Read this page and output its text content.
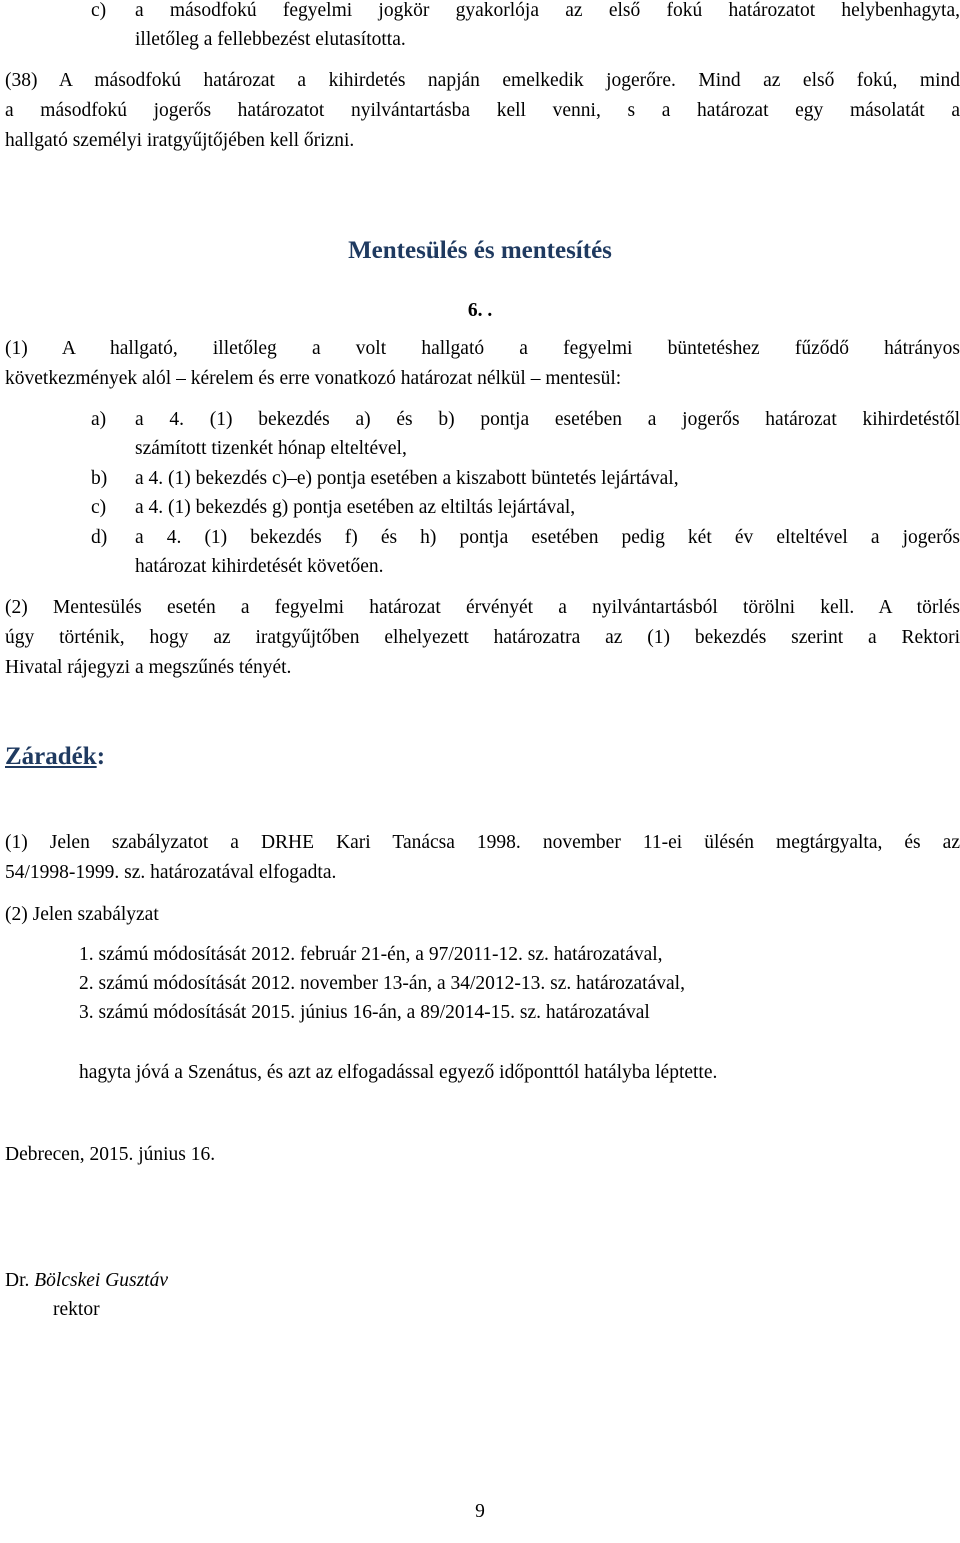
c) a másodfokú fegyelmi jogkör gyakorlója az első fokú határozatot helybenhagyta,
illetőleg a fellebbezést elutasította.
(38) A másodfokú határozat a kihirdetés napján emelkedik jogerőre. Mind az első fokú, mind
a másodfokú jogerős határozatot nyilvántartásba kell venni, s a határozat egy másolatát a
hallgató személyi iratgyűjtőjében kell őrizni.
Mentesülés és mentesítés
6. .
(1) A hallgató, illetőleg a volt hallgató a fegyelmi büntetéshez fűződő hátrányos
következmények alól – kérelem és erre vonatkozó határozat nélkül – mentesül:
a) a 4. (1) bekezdés a) és b) pontja esetében a jogerős határozat kihirdetéstől
számított tizenkét hónap elteltével,
b) a 4. (1) bekezdés c)–e) pontja esetében a kiszabott büntetés lejártával,
c) a 4. (1) bekezdés g) pontja esetében az eltiltás lejártával,
d) a 4. (1) bekezdés f) és h) pontja esetében pedig két év elteltével a jogerős
határozat kihirdetését követően.
(2) Mentesülés esetén a fegyelmi határozat érvényét a nyilvántartásból törölni kell. A törlés
úgy történik, hogy az iratgyűjtőben elhelyezett határozatra az (1) bekezdés szerint a Rektori
Hivatal rájegyzi a megszűnés tényét.
Záradék:
(1) Jelen szabályzatot a DRHE Kari Tanácsa 1998. november 11-ei ülésén megtárgyalta, és az
54/1998-1999. sz. határozatával elfogadta.
(2) Jelen szabályzat
1. számú módosítását 2012. február 21-én, a 97/2011-12. sz. határozatával,
2. számú módosítását 2012. november 13-án, a 34/2012-13. sz. határozatával,
3. számú módosítását 2015. június 16-án, a 89/2014-15. sz. határozatával
hagyta jóvá a Szenátus, és azt az elfogadással egyező időponttól hatályba léptette.
Debrecen, 2015. június 16.
Dr. Bölcskei Gusztáv
rektor
9
